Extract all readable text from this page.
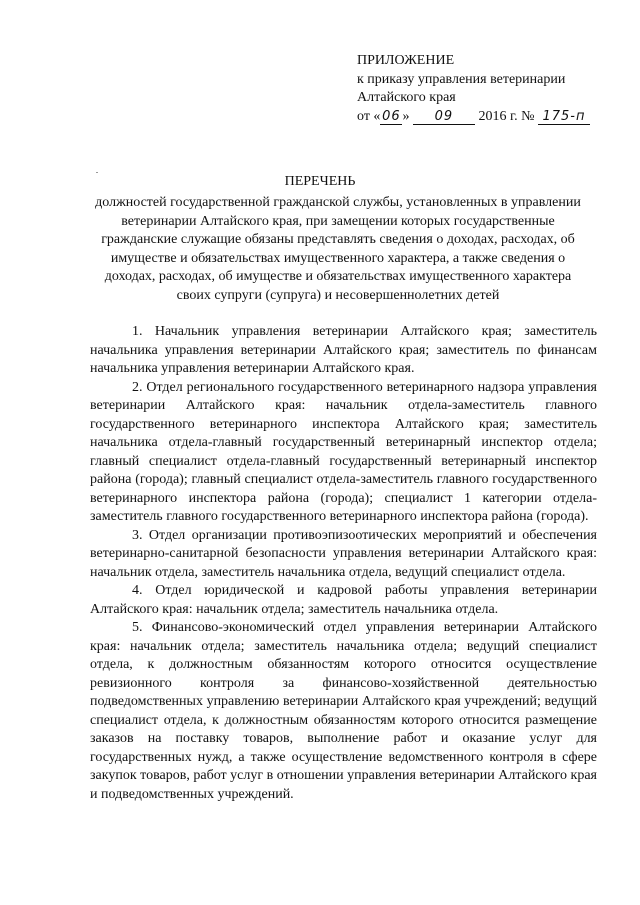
ПРИЛОЖЕНИЕ
к приказу управления ветеринарии
Алтайского края
от « 06 » 09 2016 г. № 175-п
ПЕРЕЧЕНЬ
должностей государственной гражданской службы, установленных в управлении ветеринарии Алтайского края, при замещении которых государственные гражданские служащие обязаны представлять сведения о доходах, расходах, об имуществе и обязательствах имущественного характера, а также сведения о доходах, расходах, об имуществе и обязательствах имущественного характера своих супруги (супруга) и несовершеннолетних детей

1. Начальник управления ветеринарии Алтайского края; заместитель начальника управления ветеринарии Алтайского края; заместитель по финансам начальника управления ветеринарии Алтайского края.

2. Отдел регионального государственного ветеринарного надзора управления ветеринарии Алтайского края: начальник отдела-заместитель главного государственного ветеринарного инспектора Алтайского края; заместитель начальника отдела-главный государственный ветеринарный инспектор отдела; главный специалист отдела-главный государственный ветеринарный инспектор района (города); главный специалист отдела-заместитель главного государственного ветеринарного инспектора района (города); специалист 1 категории отдела-заместитель главного государственного ветеринарного инспектора района (города).

3. Отдел организации противоэпизоотических мероприятий и обеспечения ветеринарно-санитарной безопасности управления ветеринарии Алтайского края: начальник отдела, заместитель начальника отдела, ведущий специалист отдела.

4. Отдел юридической и кадровой работы управления ветеринарии Алтайского края: начальник отдела; заместитель начальника отдела.

5. Финансово-экономический отдел управления ветеринарии Алтайского края: начальник отдела; заместитель начальника отдела; ведущий специалист отдела, к должностным обязанностям которого относится осуществление ревизионного контроля за финансово-хозяйственной деятельностью подведомственных управлению ветеринарии Алтайского края учреждений; ведущий специалист отдела, к должностным обязанностям которого относится размещение заказов на поставку товаров, выполнение работ и оказание услуг для государственных нужд, а также осуществление ведомственного контроля в сфере закупок товаров, работ услуг в отношении управления ветеринарии Алтайского края и подведомственных учреждений.
